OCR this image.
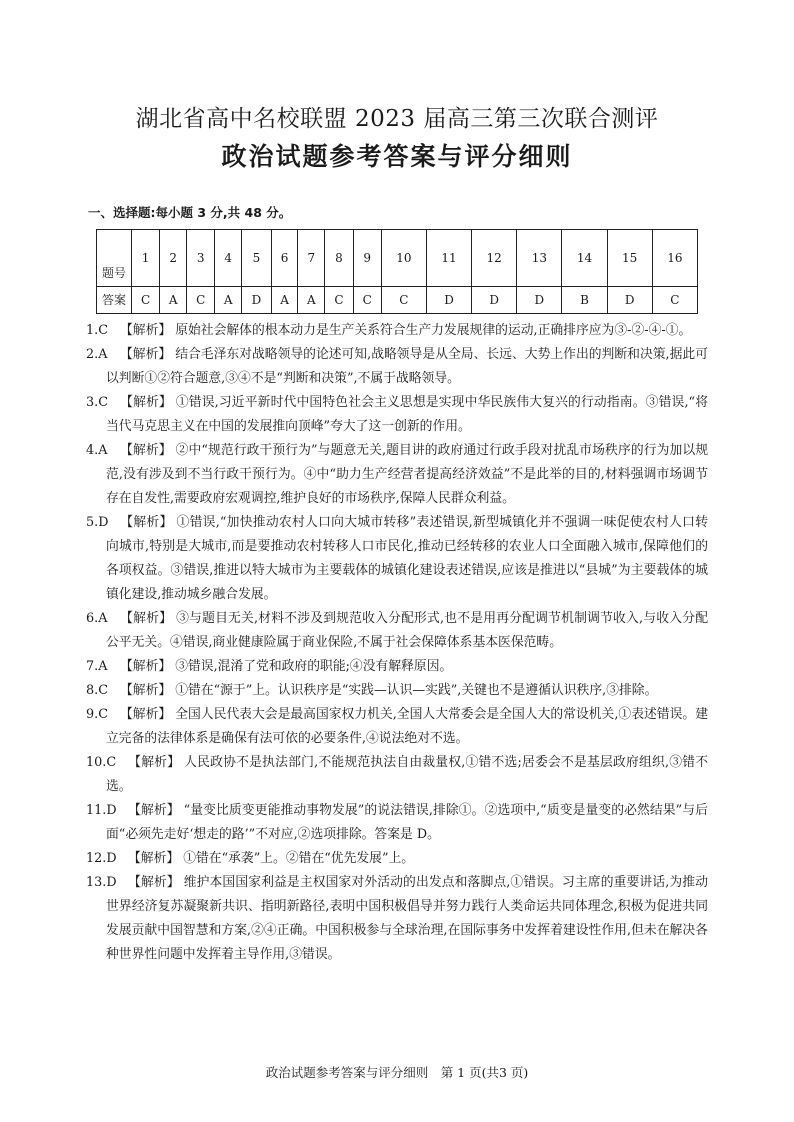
湖北省高中名校联盟 2023 届高三第三次联合测评
政治试题参考答案与评分细则
一、选择题:每小题 3 分,共 48 分。
题号	1	2	3	4	5	6	7	8	9	10	11	12	13	14	15	16
答案	C	A	C	A	D	A	A	C	C	C	D	D	D	B	D	C
1.C 【解析】 原始社会解体的根本动力是生产关系符合生产力发展规律的运动,正确排序应为③-②-④-①。
2.A 【解析】 结合毛泽东对战略领导的论述可知,战略领导是从全局、长远、大势上作出的判断和决策,据此可以判断①②符合题意,③④不是“判断和决策”,不属于战略领导。
3.C 【解析】 ①错误,习近平新时代中国特色社会主义思想是实现中华民族伟大复兴的行动指南。③错误,“将当代马克思主义在中国的发展推向顶峰”夸大了这一创新的作用。
4.A 【解析】 ②中“规范行政干预行为”与题意无关,题目讲的政府通过行政手段对扰乱市场秩序的行为加以规范,没有涉及到不当行政干预行为。④中“助力生产经营者提高经济效益”不是此举的目的,材料强调市场调节存在自发性,需要政府宏观调控,维护良好的市场秩序,保障人民群众利益。
5.D 【解析】 ①错误,“加快推动农村人口向大城市转移”表述错误,新型城镇化并不强调一味促使农村人口转向城市,特别是大城市,而是要推动农村转移人口市民化,推动已经转移的农业人口全面融入城市,保障他们的各项权益。③错误,推进以特大城市为主要载体的城镇化建设表述错误,应该是推进以“县城”为主要载体的城镇化建设,推动城乡融合发展。
6.A 【解析】 ③与题目无关,材料不涉及到规范收入分配形式,也不是用再分配调节机制调节收入,与收入分配公平无关。④错误,商业健康险属于商业保险,不属于社会保障体系基本医保范畴。
7.A 【解析】 ③错误,混淆了党和政府的职能;④没有解释原因。
8.C 【解析】 ①错在“源于”上。认识秩序是“实践—认识—实践”,关键也不是遵循认识秩序,③排除。
9.C 【解析】 全国人民代表大会是最高国家权力机关,全国人大常委会是全国人大的常设机关,①表述错误。建立完备的法律体系是确保有法可依的必要条件,④说法绝对不选。
10.C 【解析】 人民政协不是执法部门,不能规范执法自由裁量权,①错不选;居委会不是基层政府组织,③错不选。
11.D 【解析】 “量变比质变更能推动事物发展”的说法错误,排除①。②选项中,“质变是量变的必然结果”与后面“必须先走好‘想走的路’”不对应,②选项排除。答案是 D。
12.D 【解析】 ①错在“承袭”上。②错在“优先发展”上。
13.D 【解析】 维护本国国家利益是主权国家对外活动的出发点和落脚点,①错误。习主席的重要讲话,为推动世界经济复苏凝聚新共识、指明新路径,表明中国积极倡导并努力践行人类命运共同体理念,积极为促进共同发展贡献中国智慧和方案,②④正确。中国积极参与全球治理,在国际事务中发挥着建设性作用,但未在解决各种世界性问题中发挥着主导作用,③错误。
政治试题参考答案与评分细则　第 1 页(共3 页)
